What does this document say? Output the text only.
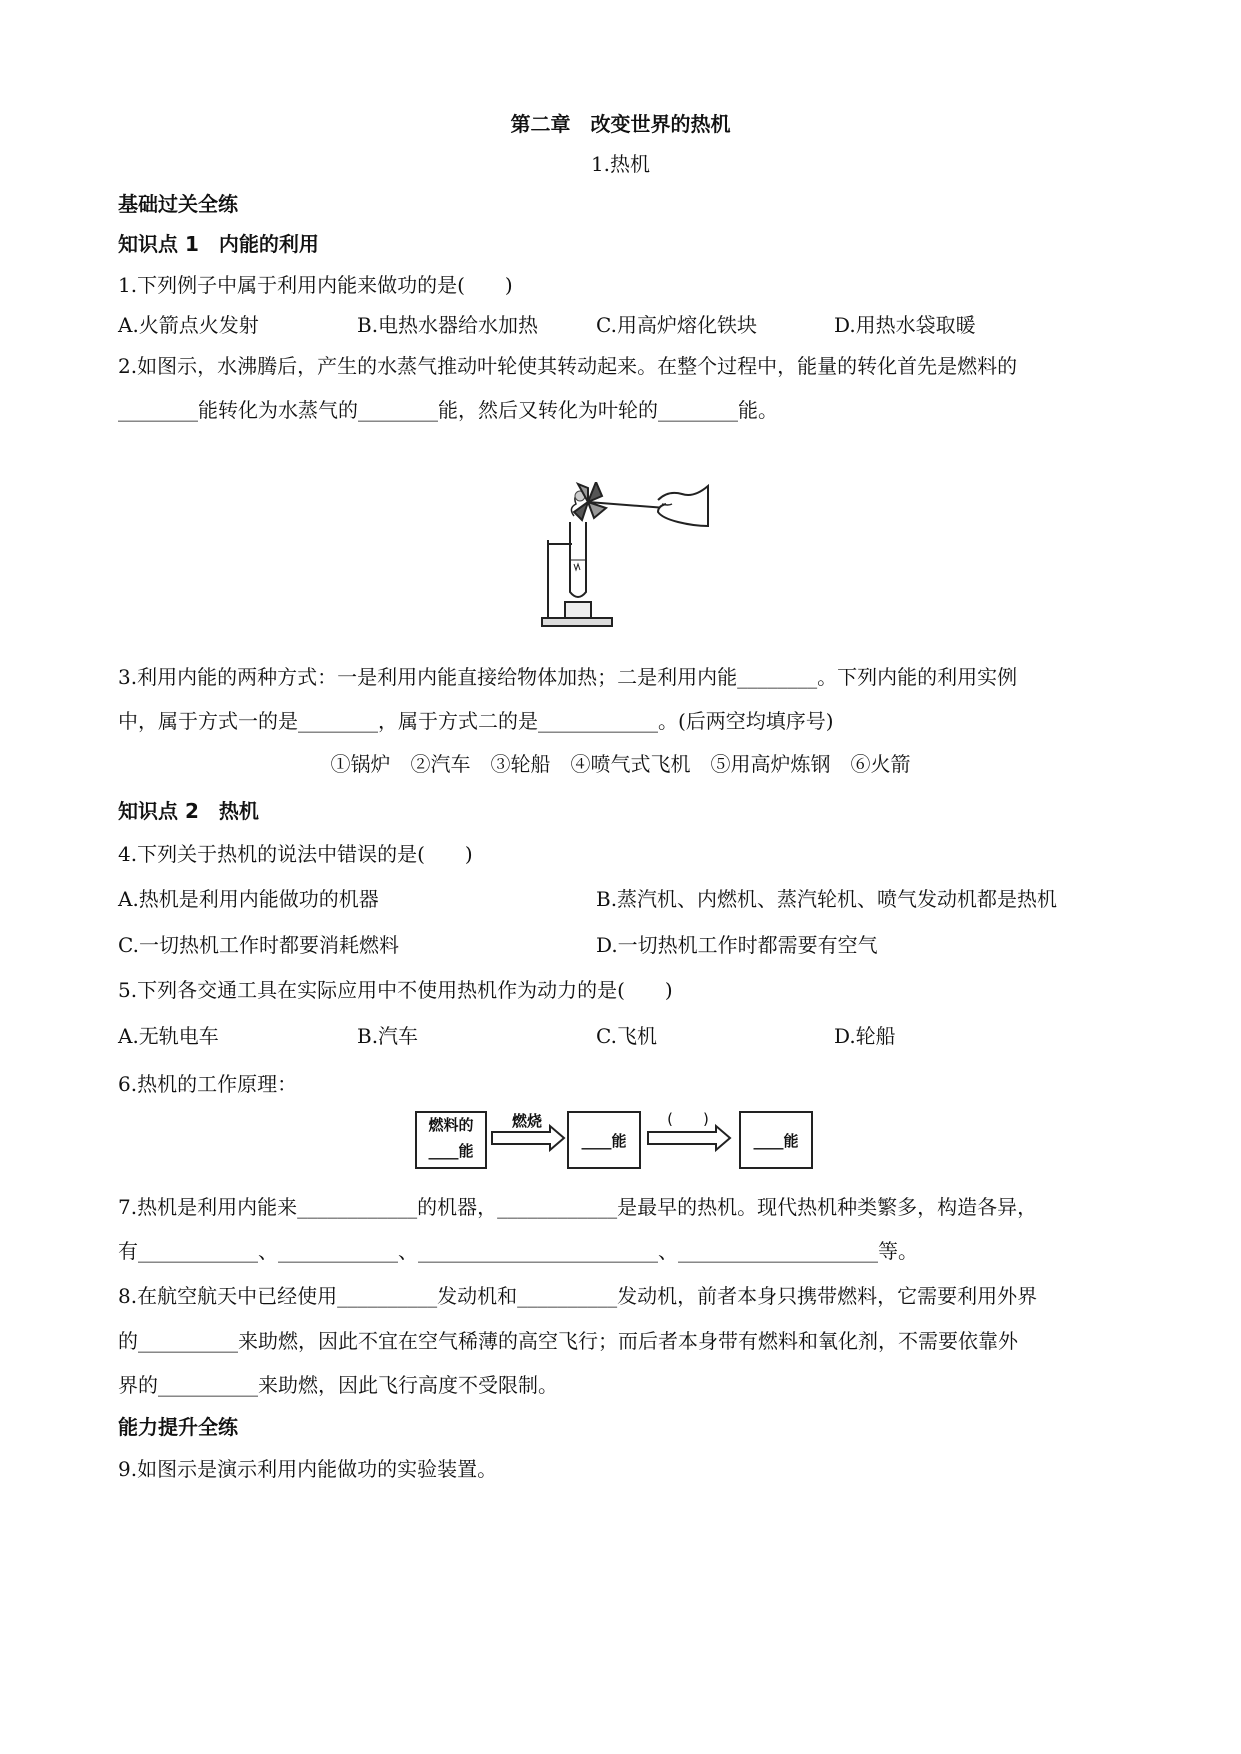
第二章　改变世界的热机
1.热机
基础过关全练
知识点 1　内能的利用
1.下列例子中属于利用内能来做功的是(　　)
A.火箭点火发射	B.电热水器给水加热	C.用高炉熔化铁块	D.用热水袋取暖
2.如图示，水沸腾后，产生的水蒸气推动叶轮使其转动起来。在整个过程中，能量的转化首先是燃料的
________能转化为水蒸气的________能，然后又转化为叶轮的________能。
3.利用内能的两种方式：一是利用内能直接给物体加热；二是利用内能________。下列内能的利用实例
中，属于方式一的是________，属于方式二的是____________。(后两空均填序号)
①锅炉　②汽车　③轮船　④喷气式飞机　⑤用高炉炼钢　⑥火箭
知识点 2　热机
4.下列关于热机的说法中错误的是(　　)
A.热机是利用内能做功的机器	B.蒸汽机、内燃机、蒸汽轮机、喷气发动机都是热机
C.一切热机工作时都要消耗燃料	D.一切热机工作时都需要有空气
5.下列各交通工具在实际应用中不使用热机作为动力的是(　　)
A.无轨电车	B.汽车	C.飞机	D.轮船
6.热机的工作原理：
燃料的
____能
燃烧
____能
(　　)
____能
7.热机是利用内能来____________的机器，____________是最早的热机。现代热机种类繁多，构造各异，
有____________、____________、________________________、____________________等。
8.在航空航天中已经使用__________发动机和__________发动机，前者本身只携带燃料，它需要利用外界
的__________来助燃，因此不宜在空气稀薄的高空飞行；而后者本身带有燃料和氧化剂，不需要依靠外
界的__________来助燃，因此飞行高度不受限制。
能力提升全练
9.如图示是演示利用内能做功的实验装置。
